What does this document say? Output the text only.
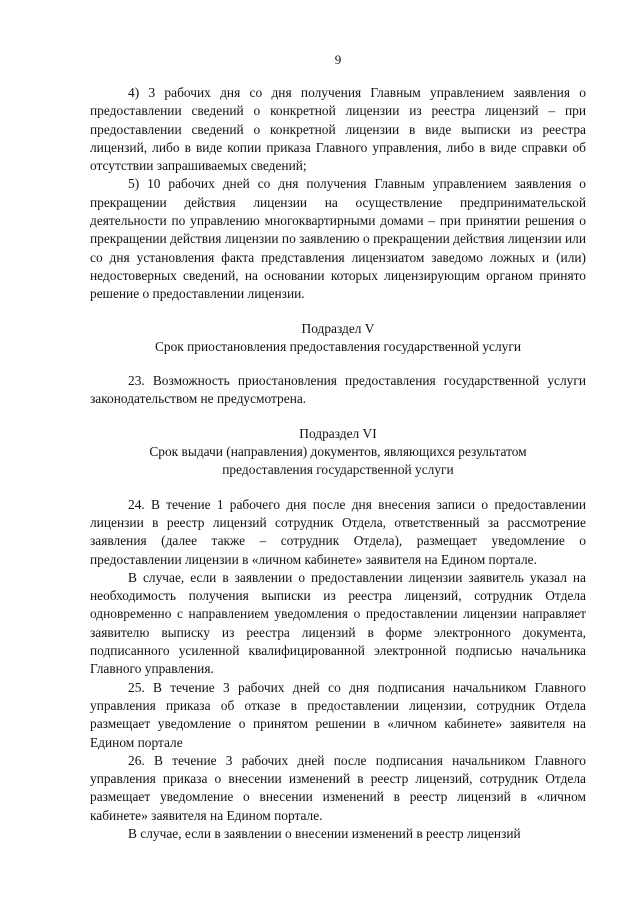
9

4) 3 рабочих дня со дня получения Главным управлением заявления о предоставлении сведений о конкретной лицензии из реестра лицензий – при предоставлении сведений о конкретной лицензии в виде выписки из реестра лицензий, либо в виде копии приказа Главного управления, либо в виде справки об отсутствии запрашиваемых сведений;

5) 10 рабочих дней со дня получения Главным управлением заявления о прекращении действия лицензии на осуществление предпринимательской деятельности по управлению многоквартирными домами – при принятии решения о прекращении действия лицензии по заявлению о прекращении действия лицензии или со дня установления факта представления лицензиатом заведомо ложных и (или) недостоверных сведений, на основании которых лицензирующим органом принято решение о предоставлении лицензии.

Подраздел V

Срок приостановления предоставления государственной услуги

23. Возможность приостановления предоставления государственной услуги законодательством не предусмотрена.

Подраздел VI

Срок выдачи (направления) документов, являющихся результатом

предоставления государственной услуги

24. В течение 1 рабочего дня после дня внесения записи о предоставлении лицензии в реестр лицензий сотрудник Отдела, ответственный за рассмотрение заявления (далее также – сотрудник Отдела), размещает уведомление о предоставлении лицензии в «личном кабинете» заявителя на Едином портале.

В случае, если в заявлении о предоставлении лицензии заявитель указал на необходимость получения выписки из реестра лицензий, сотрудник Отдела одновременно с направлением уведомления о предоставлении лицензии направляет заявителю выписку из реестра лицензий в форме электронного документа, подписанного усиленной квалифицированной электронной подписью начальника Главного управления.

25. В течение 3 рабочих дней со дня подписания начальником Главного управления приказа об отказе в предоставлении лицензии, сотрудник Отдела размещает уведомление о принятом решении в «личном кабинете» заявителя на Едином портале

26. В течение 3 рабочих дней после подписания начальником Главного управления приказа о внесении изменений в реестр лицензий, сотрудник Отдела размещает уведомление о внесении изменений в реестр лицензий в «личном кабинете» заявителя на Едином портале.

В случае, если в заявлении о внесении изменений в реестр лицензий
